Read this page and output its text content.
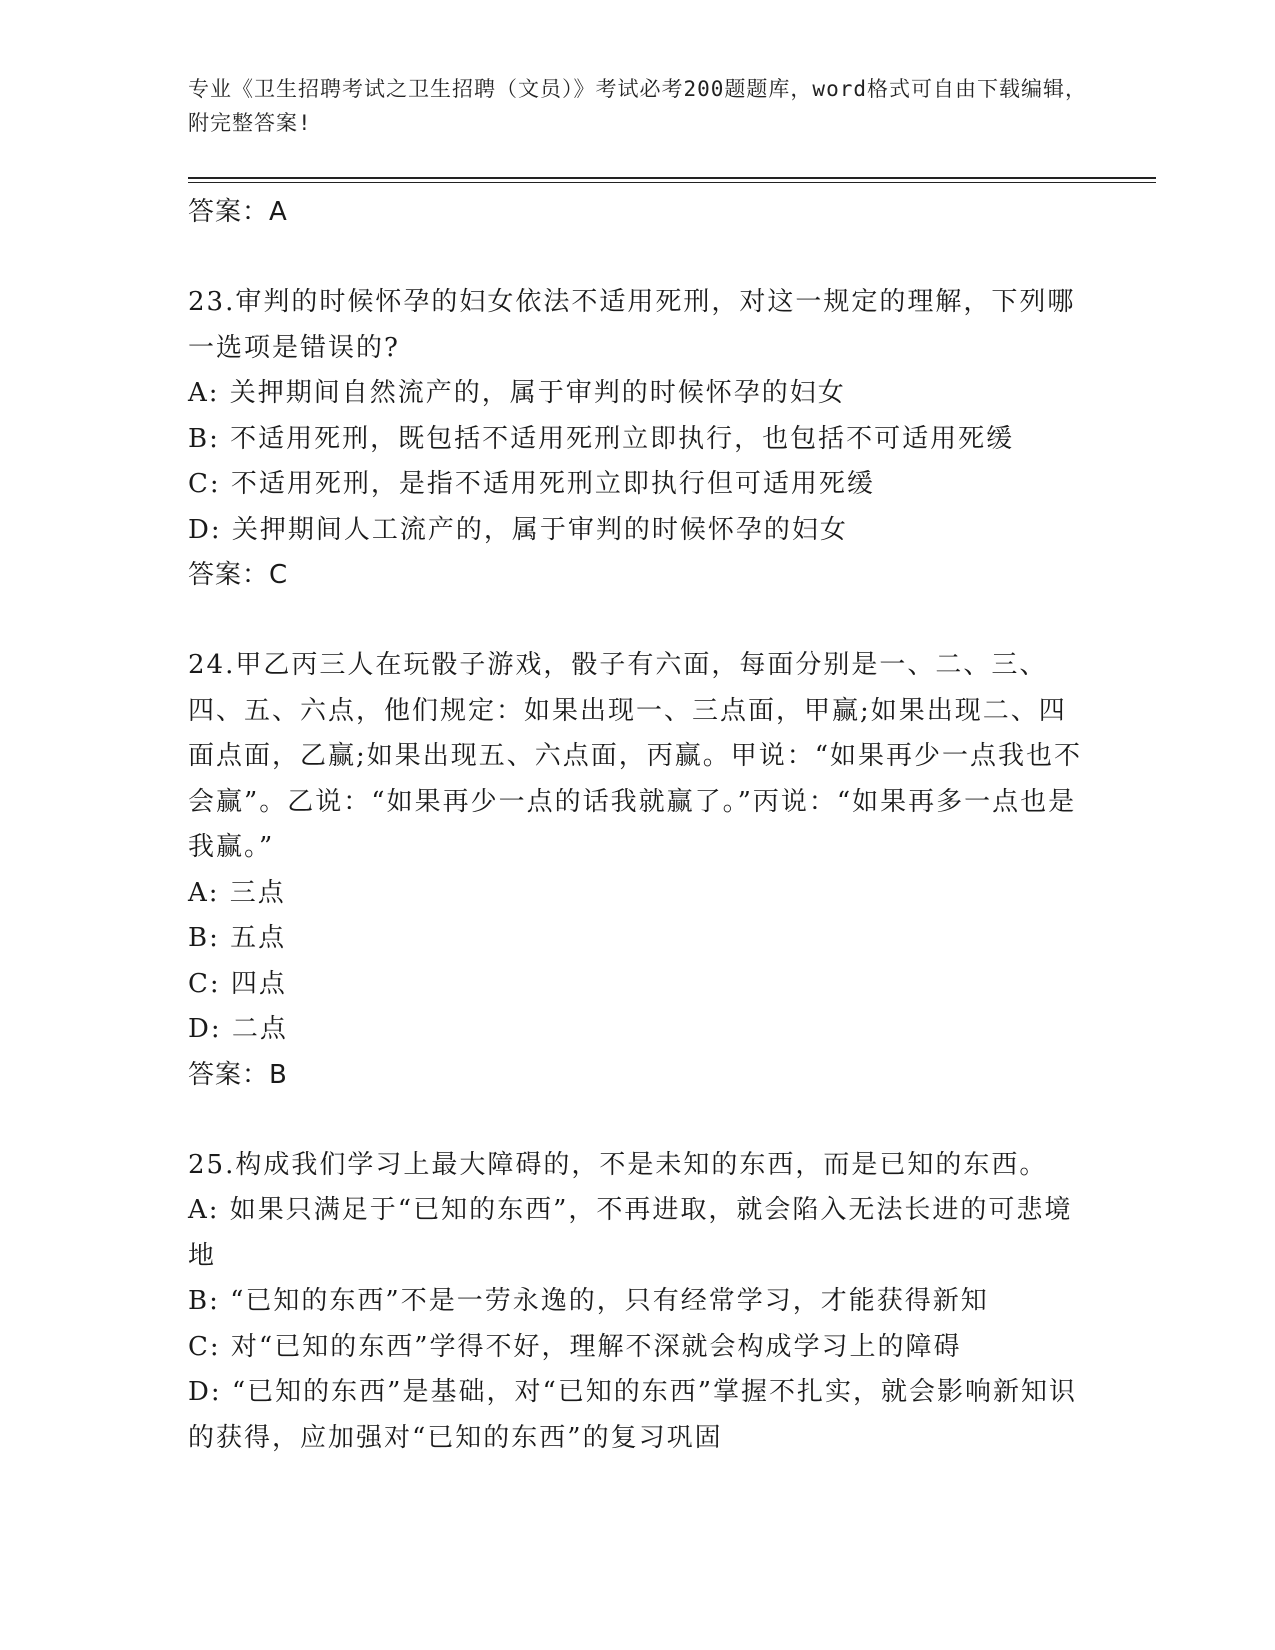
专业《卫生招聘考试之卫生招聘（文员）》考试必考200题题库，word格式可自由下载编辑，附完整答案!
答案：A
23.审判的时候怀孕的妇女依法不适用死刑，对这一规定的理解，下列哪一选项是错误的?
A: 关押期间自然流产的，属于审判的时候怀孕的妇女
B: 不适用死刑，既包括不适用死刑立即执行，也包括不可适用死缓
C: 不适用死刑，是指不适用死刑立即执行但可适用死缓
D: 关押期间人工流产的，属于审判的时候怀孕的妇女
答案：C
24.甲乙丙三人在玩骰子游戏，骰子有六面，每面分别是一、二、三、四、五、六点，他们规定：如果出现一、三点面，甲赢;如果出现二、四面点面，乙赢;如果出现五、六点面，丙赢。甲说：“如果再少一点我也不会赢”。乙说：“如果再少一点的话我就赢了。”丙说：“如果再多一点也是我赢。”
A: 三点
B: 五点
C: 四点
D: 二点
答案：B
25.构成我们学习上最大障碍的，不是未知的东西，而是已知的东西。
A: 如果只满足于“已知的东西”，不再进取，就会陷入无法长进的可悲境地
B: “已知的东西”不是一劳永逸的，只有经常学习，才能获得新知
C: 对“已知的东西”学得不好，理解不深就会构成学习上的障碍
D: “已知的东西”是基础，对“已知的东西”掌握不扎实，就会影响新知识的获得，应加强对“已知的东西”的复习巩固
